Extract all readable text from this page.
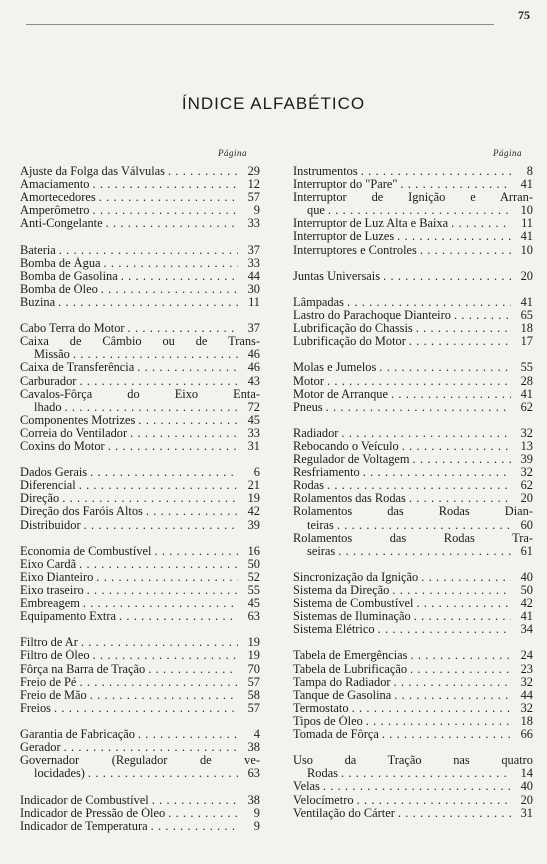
75
ÍNDICE ALFABÉTICO
Página	Página
Ajuste da Folga das Válvulas . . .	29
Amaciamento . . .	12
Amortecedores . . .	57
Amperômetro . . .	9
Anti-Congelante . . .	33
Bateria . . .	37
Bomba de Água . . .	33
Bomba de Gasolina . . .	44
Bomba de Óleo . . .	30
Buzina . . .	11
Cabo Terra do Motor . . .	37
Caixa de Câmbio ou de Trans-
Missão . . .	46
Caixa de Transferência . . .	46
Carburador . . .	43
Cavalos-Fôrça do Eixo Enta-
lhado . . .	72
Componentes Motrizes . . .	45
Correia do Ventilador . . .	33
Coxins do Motor . . .	31
Dados Gerais . . .	6
Diferencial . . .	21
Direção . . .	19
Direção dos Faróis Altos . . .	42
Distribuidor . . .	39
Economia de Combustível . . .	16
Eixo Cardã . . .	50
Eixo Dianteiro . . .	52
Eixo traseiro . . .	55
Embreagem . . .	45
Equipamento Extra . . .	63
Filtro de Ar . . .	19
Filtro de Óleo . . .	19
Fôrça na Barra de Tração . . .	70
Freio de Pé . . .	57
Freio de Mão . . .	58
Freios . . .	57
Garantia de Fabricação . . .	4
Gerador . . .	38
Governador (Regulador de ve-
locidades) . . .	63
Indicador de Combustível . . .	38
Indicador de Pressão de Óleo . . .	9
Indicador de Temperatura . . .	9
Instrumentos . . .	8
Interruptor do "Pare" . . .	41
Interruptor de Ignição e Arran-
que . . .	10
Interruptor de Luz Alta e Baixa . . .	11
Interruptor de Luzes . . .	41
Interruptores e Controles . . .	10
Juntas Universais . . .	20
Lâmpadas . . .	41
Lastro do Parachoque Dianteiro . . .	65
Lubrificação do Chassis . . .	18
Lubrificação do Motor . . .	17
Molas e Jumelos . . .	55
Motor . . .	28
Motor de Arranque . . .	41
Pneus . . .	62
Radiador . . .	32
Rebocando o Veículo . . .	13
Regulador de Voltagem . . .	39
Resfriamento . . .	32
Rodas . . .	62
Rolamentos das Rodas . . .	20
Rolamentos das Rodas Dian-
teiras . . .	60
Rolamentos das Rodas Tra-
seiras . . .	61
Sincronização da Ignição . . .	40
Sistema da Direção . . .	50
Sistema de Combustível . . .	42
Sistemas de Iluminação . . .	41
Sistema Elétrico . . .	34
Tabela de Emergências . . .	24
Tabela de Lubrificação . . .	23
Tampa do Radiador . . .	32
Tanque de Gasolina . . .	44
Termostato . . .	32
Tipos de Óleo . . .	18
Tomada de Fôrça . . .	66
Uso da Tração nas quatro
Rodas . . .	14
Velas . . .	40
Velocímetro . . .	20
Ventilação do Cárter . . .	31
